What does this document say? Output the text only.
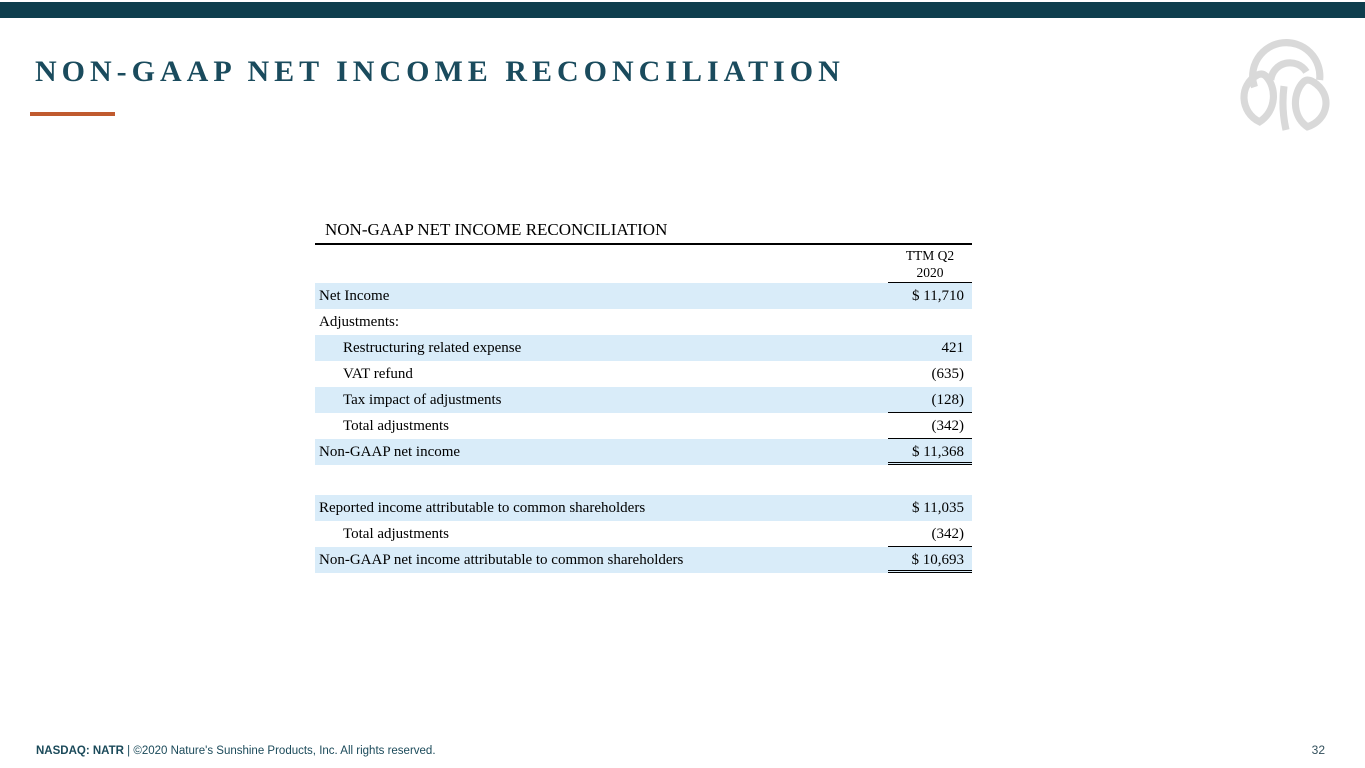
NON-GAAP NET INCOME RECONCILIATION
NON-GAAP NET INCOME RECONCILIATION
TTM Q2
2020
Net Income	$ 11,710
Adjustments:
Restructuring related expense	421
VAT refund	(635)
Tax impact of adjustments	(128)
Total adjustments	(342)
Non-GAAP net income	$ 11,368
Reported income attributable to common shareholders	$ 11,035
Total adjustments	(342)
Non-GAAP net income attributable to common shareholders	$ 10,693
NASDAQ: NATR | ©2020 Nature's Sunshine Products, Inc. All rights reserved.	32
